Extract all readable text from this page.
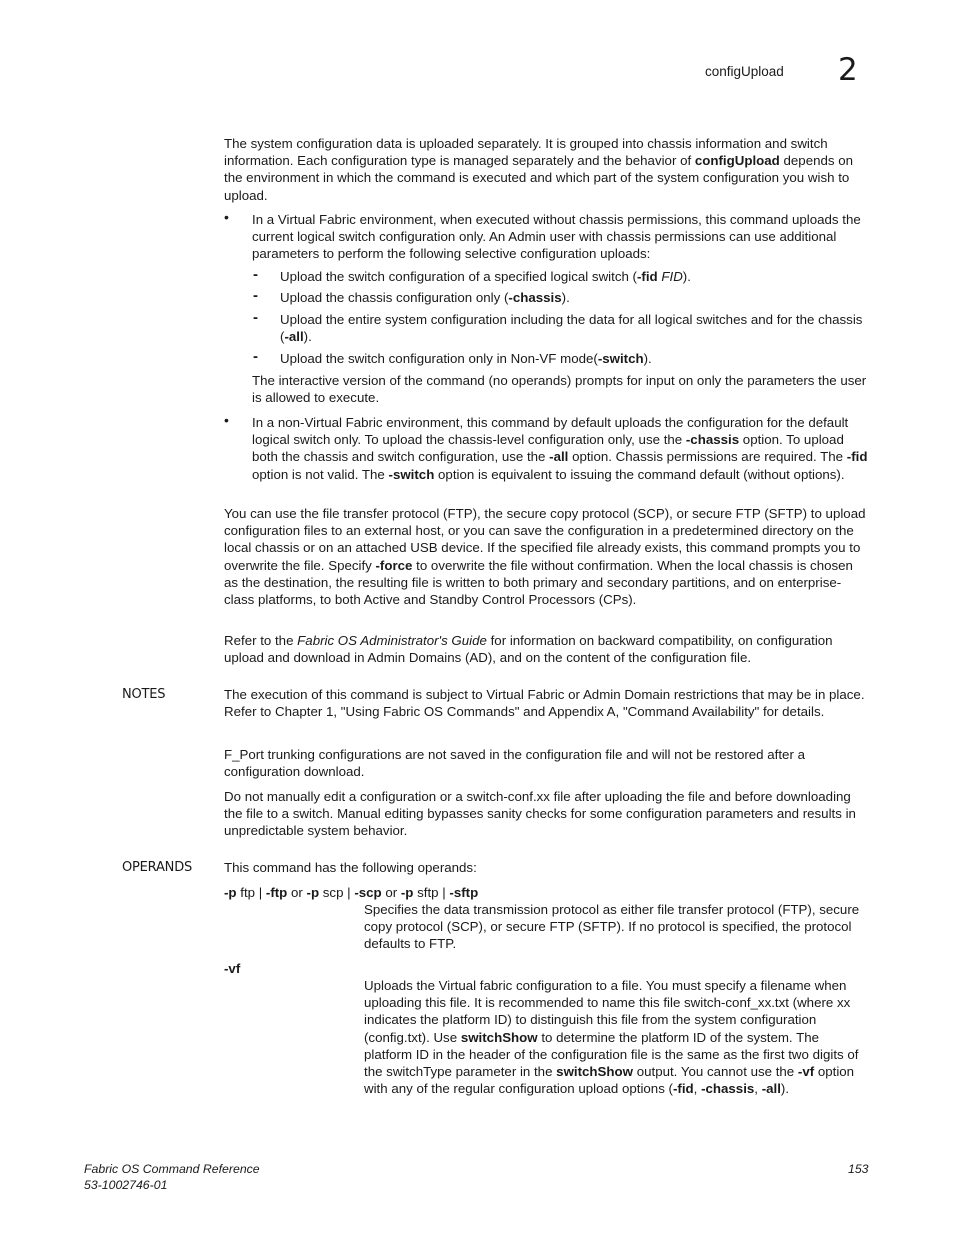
configUpload 2

The system configuration data is uploaded separately. It is grouped into chassis information and switch information. Each configuration type is managed separately and the behavior of configUpload depends on the environment in which the command is executed and which part of the system configuration you wish to upload.

• In a Virtual Fabric environment, when executed without chassis permissions, this command uploads the current logical switch configuration only. An Admin user with chassis permissions can use additional parameters to perform the following selective configuration uploads:
- Upload the switch configuration of a specified logical switch (-fid FID).
- Upload the chassis configuration only (-chassis).
- Upload the entire system configuration including the data for all logical switches and for the chassis (-all).
- Upload the switch configuration only in Non-VF mode(-switch).
The interactive version of the command (no operands) prompts for input on only the parameters the user is allowed to execute.
• In a non-Virtual Fabric environment, this command by default uploads the configuration for the default logical switch only. To upload the chassis-level configuration only, use the -chassis option. To upload both the chassis and switch configuration, use the -all option. Chassis permissions are required. The -fid option is not valid. The -switch option is equivalent to issuing the command default (without options).

You can use the file transfer protocol (FTP), the secure copy protocol (SCP), or secure FTP (SFTP) to upload configuration files to an external host, or you can save the configuration in a predetermined directory on the local chassis or on an attached USB device. If the specified file already exists, this command prompts you to overwrite the file. Specify -force to overwrite the file without confirmation. When the local chassis is chosen as the destination, the resulting file is written to both primary and secondary partitions, and on enterprise-class platforms, to both Active and Standby Control Processors (CPs).

Refer to the Fabric OS Administrator's Guide for information on backward compatibility, on configuration upload and download in Admin Domains (AD), and on the content of the configuration file.

NOTES	The execution of this command is subject to Virtual Fabric or Admin Domain restrictions that may be in place. Refer to Chapter 1, "Using Fabric OS Commands" and Appendix A, "Command Availability" for details.
F_Port trunking configurations are not saved in the configuration file and will not be restored after a configuration download.
Do not manually edit a configuration or a switch-conf.xx file after uploading the file and before downloading the file to a switch. Manual editing bypasses sanity checks for some configuration parameters and results in unpredictable system behavior.
OPERANDS This command has the following operands:
-p ftp | -ftp or -p scp | -scp or -p sftp | -sftp
Specifies the data transmission protocol as either file transfer protocol (FTP), secure copy protocol (SCP), or secure FTP (SFTP). If no protocol is specified, the protocol defaults to FTP.
-vf
Uploads the Virtual fabric configuration to a file. You must specify a filename when uploading this file. It is recommended to name this file switch-conf_xx.txt (where xx indicates the platform ID) to distinguish this file from the system configuration (config.txt). Use switchShow to determine the platform ID of the system. The platform ID in the header of the configuration file is the same as the first two digits of the switchType parameter in the switchShow output. You cannot use the -vf option with any of the regular configuration upload options (-fid, -chassis, -all).
Fabric OS Command Reference
53-1002746-01
153
